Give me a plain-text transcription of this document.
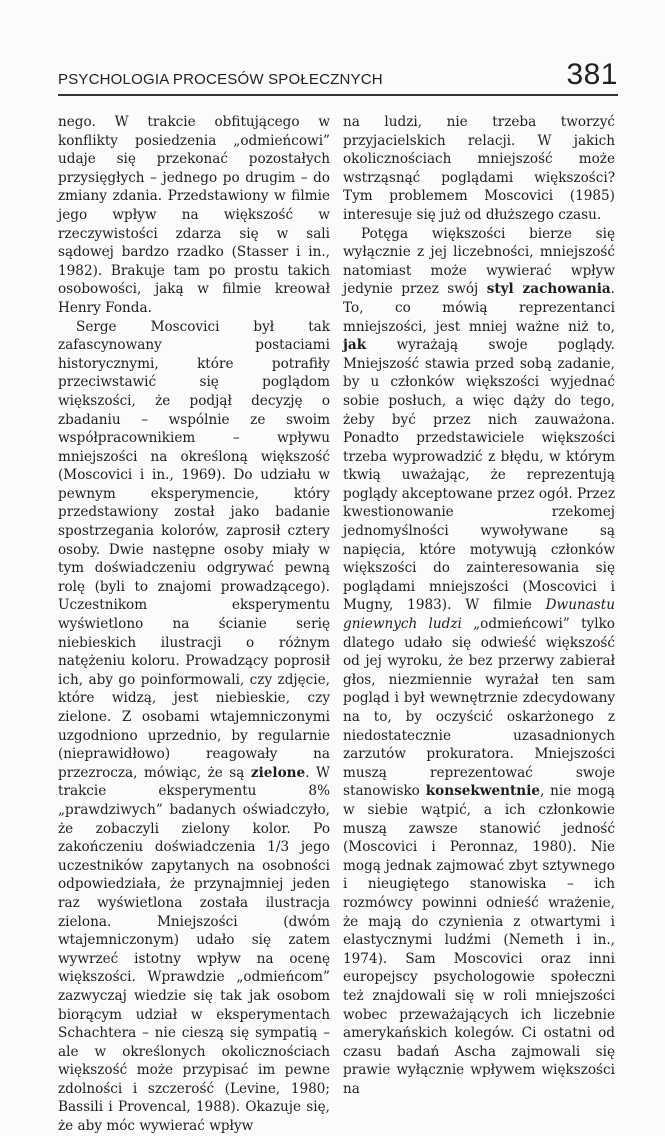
PSYCHOLOGIA PROCESÓW SPOŁECZNYCH	381

nego. W trakcie obfitującego w konflikty posiedzenia „odmieńcowi” udaje się przekonać pozostałych przysięgłych – jednego po drugim – do zmiany zdania. Przedstawiony w filmie jego wpływ na większość w rzeczywistości zdarza się w sali sądowej bardzo rzadko (Stasser i in., 1982). Brakuje tam po prostu takich osobowości, jaką w filmie kreował Henry Fonda.

Serge Moscovici był tak zafascynowany postaciami historycznymi, które potrafiły przeciwstawić się poglądom większości, że podjął decyzję o zbadaniu – wspólnie ze swoim współpracownikiem – wpływu mniejszości na określoną większość (Moscovici i in., 1969). Do udziału w pewnym eksperymencie, który przedstawiony został jako badanie spostrzegania kolorów, zaprosił cztery osoby. Dwie następne osoby miały w tym doświadczeniu odgrywać pewną rolę (byli to znajomi prowadzącego). Uczestnikom eksperymentu wyświetlono na ścianie serię niebieskich ilustracji o różnym natężeniu koloru. Prowadzący poprosił ich, aby go poinformowali, czy zdjęcie, które widzą, jest niebieskie, czy zielone. Z osobami wtajemniczonymi uzgodniono uprzednio, by regularnie (nieprawidłowo) reagowały na przezrocza, mówiąc, że są zielone. W trakcie eksperymentu 8% „prawdziwych” badanych oświadczyło, że zobaczyli zielony kolor. Po zakończeniu doświadczenia 1/3 jego uczestników zapytanych na osobności odpowiedziała, że przynajmniej jeden raz wyświetlona została ilustracja zielona. Mniejszości (dwóm wtajemniczonym) udało się zatem wywrzeć istotny wpływ na ocenę większości. Wprawdzie „odmieńcom” zazwyczaj wiedzie się tak jak osobom biorącym udział w eksperymentach Schachtera – nie cieszą się sympatią – ale w określonych okolicznościach większość może przypisać im pewne zdolności i szczerość (Levine, 1980; Bassili i Provencal, 1988). Okazuje się, że aby móc wywierać wpływ

na ludzi, nie trzeba tworzyć przyjacielskich relacji. W jakich okolicznościach mniejszość może wstrząsnąć poglądami większości? Tym problemem Moscovici (1985) interesuje się już od dłuższego czasu.

Potęga większości bierze się wyłącznie z jej liczebności, mniejszość natomiast może wywierać wpływ jedynie przez swój styl zachowania. To, co mówią reprezentanci mniejszości, jest mniej ważne niż to, jak wyrażają swoje poglądy. Mniejszość stawia przed sobą zadanie, by u członków większości wyjednać sobie posłuch, a więc dąży do tego, żeby być przez nich zauważona. Ponadto przedstawiciele większości trzeba wyprowadzić z błędu, w którym tkwią uważając, że reprezentują poglądy akceptowane przez ogół. Przez kwestionowanie rzekomej jednomyślności wywoływane są napięcia, które motywują członków większości do zainteresowania się poglądami mniejszości (Moscovici i Mugny, 1983). W filmie Dwunastu gniewnych ludzi „odmieńcowi” tylko dlatego udało się odwieść większość od jej wyroku, że bez przerwy zabierał głos, niezmiennie wyrażał ten sam pogląd i był wewnętrznie zdecydowany na to, by oczyścić oskarżonego z niedostatecznie uzasadnionych zarzutów prokuratora. Mniejszości muszą reprezentować swoje stanowisko konsekwentnie, nie mogą w siebie wątpić, a ich członkowie muszą zawsze stanowić jedność (Moscovici i Peronnaz, 1980). Nie mogą jednak zajmować zbyt sztywnego i nieugiętego stanowiska – ich rozmówcy powinni odnieść wrażenie, że mają do czynienia z otwartymi i elastycznymi ludźmi (Nemeth i in., 1974). Sam Moscovici oraz inni europejscy psychologowie społeczni też znajdowali się w roli mniejszości wobec przeważających ich liczebnie amerykańskich kolegów. Ci ostatni od czasu badań Ascha zajmowali się prawie wyłącznie wpływem większości na
